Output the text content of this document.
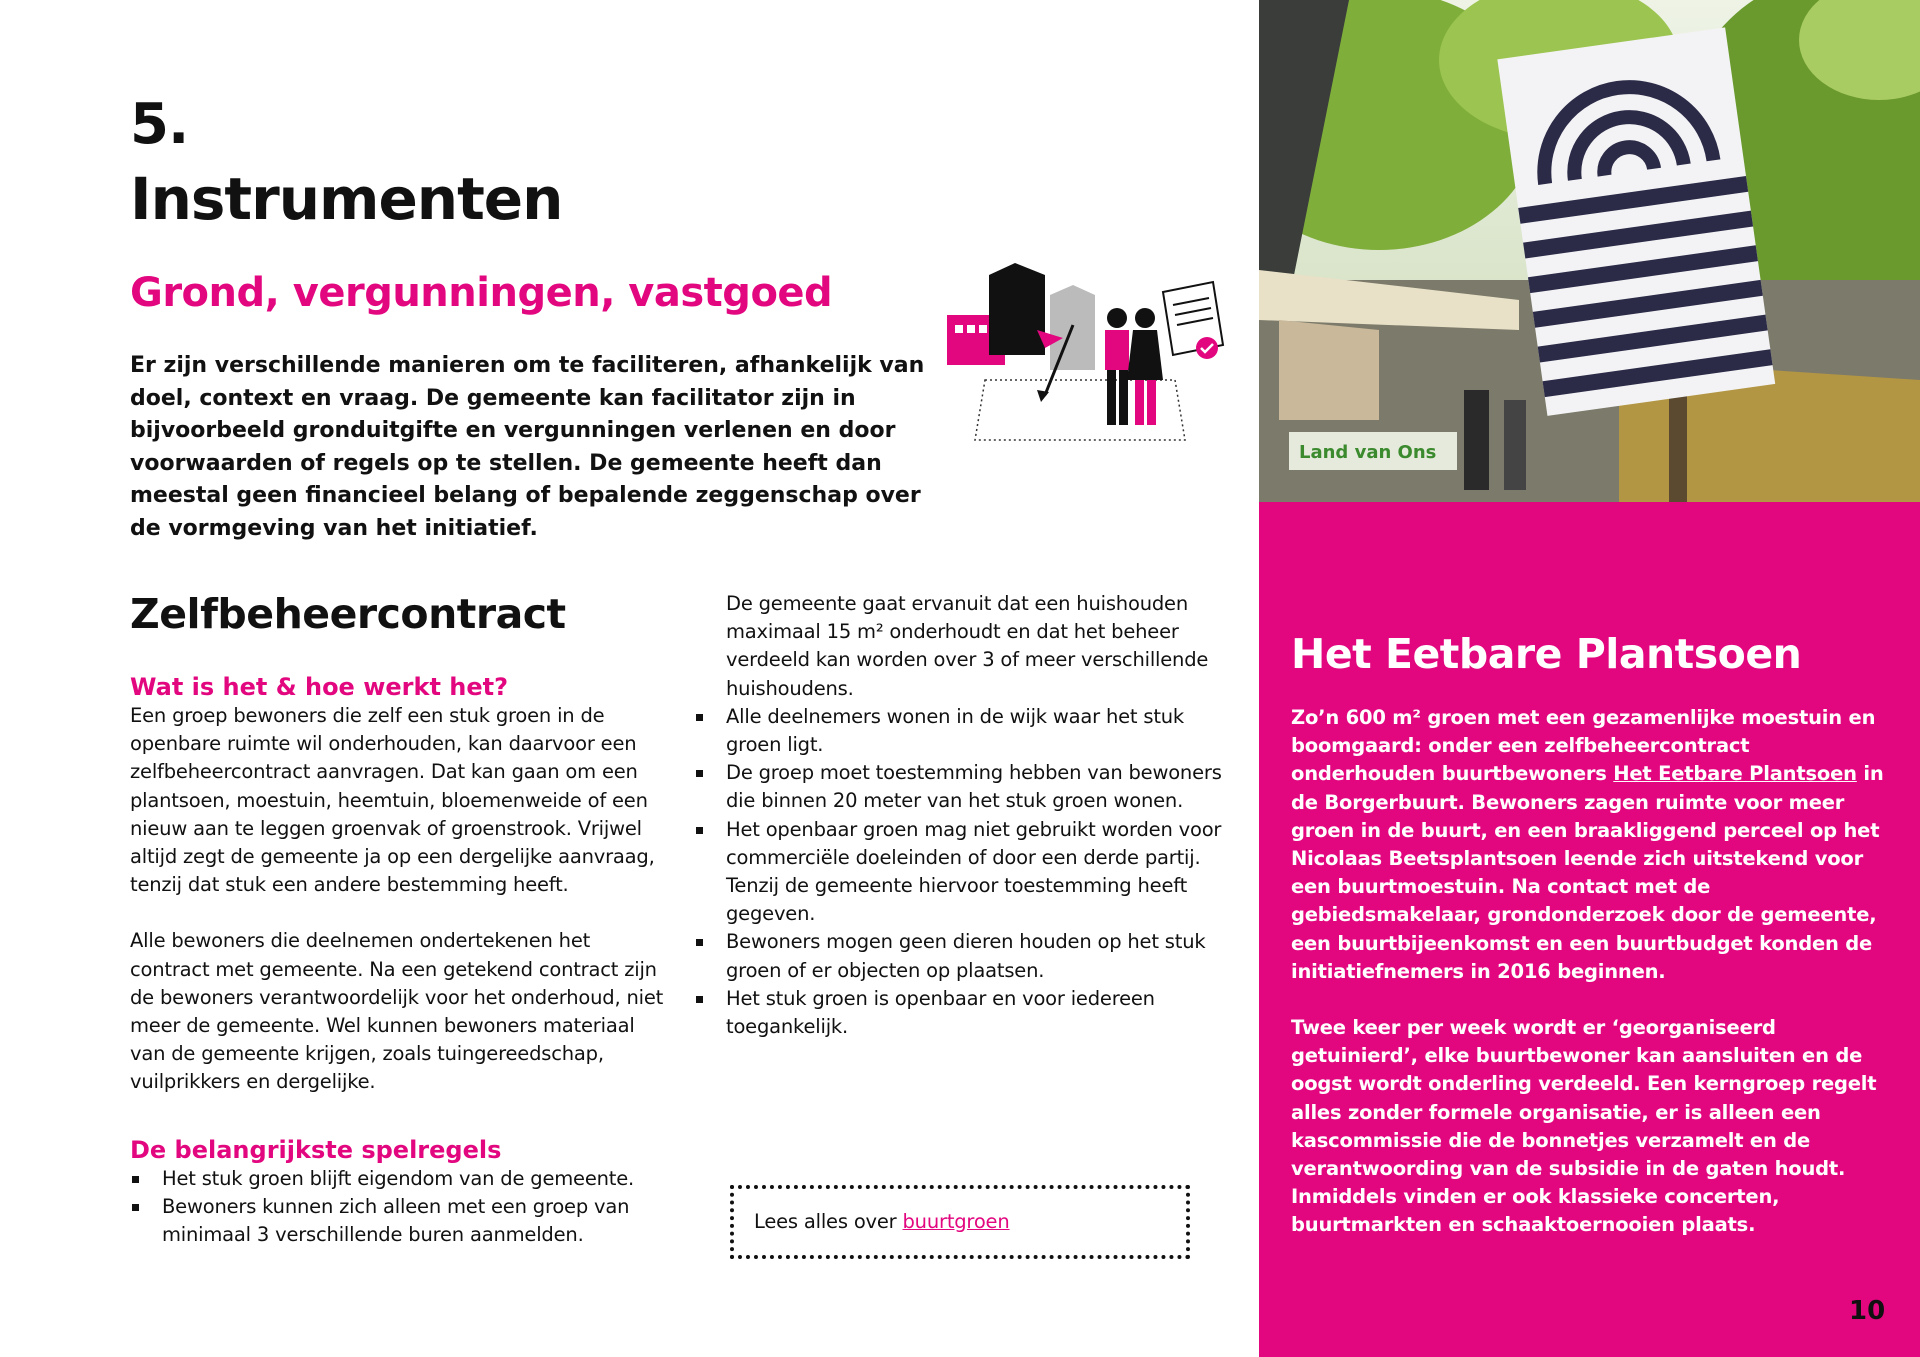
5.
Instrumenten
Grond, vergunningen, vastgoed
Er zijn verschillende manieren om te faciliteren, afhankelijk van doel, context en vraag. De gemeente kan facilitator zijn in bijvoorbeeld gronduitgifte en vergunningen verlenen en door voorwaarden of regels op te stellen. De gemeente heeft dan meestal geen financieel belang of bepalende zeggenschap over de vormgeving van het initiatief.
Zelfbeheercontract
Wat is het & hoe werkt het?

Een groep bewoners die zelf een stuk groen in de openbare ruimte wil onderhouden, kan daarvoor een zelfbeheercontract aanvragen. Dat kan gaan om een plantsoen, moestuin, heemtuin, bloemenweide of een nieuw aan te leggen groenvak of groenstrook. Vrijwel altijd zegt de gemeente ja op een dergelijke aanvraag, tenzij dat stuk een andere bestemming heeft.

Alle bewoners die deelnemen ondertekenen het contract met gemeente. Na een getekend contract zijn de bewoners verantwoordelijk voor het onderhoud, niet meer de gemeente. Wel kunnen bewoners materiaal van de gemeente krijgen, zoals tuingereedschap, vuilprikkers en dergelijke.

De belangrijkste spelregels
Het stuk groen blijft eigendom van de gemeente.
Bewoners kunnen zich alleen met een groep van minimaal 3 verschillende buren aanmelden.
De gemeente gaat ervanuit dat een huishouden maximaal 15 m² onderhoudt en dat het beheer verdeeld kan worden over 3 of meer verschillende huishoudens.
Alle deelnemers wonen in de wijk waar het stuk groen ligt.
De groep moet toestemming hebben van bewoners die binnen 20 meter van het stuk groen wonen.
Het openbaar groen mag niet gebruikt worden voor commerciële doeleinden of door een derde partij. Tenzij de gemeente hiervoor toestemming heeft gegeven.
Bewoners mogen geen dieren houden op het stuk groen of er objecten op plaatsen.
Het stuk groen is openbaar en voor iedereen toegankelijk.
Lees alles over buurtgroen
Land van Ons
Het Eetbare Plantsoen

Zo’n 600 m² groen met een gezamenlijke moestuin en boomgaard: onder een zelfbeheercontract onderhouden buurtbewoners Het Eetbare Plantsoen in de Borgerbuurt. Bewoners zagen ruimte voor meer groen in de buurt, en een braakliggend perceel op het Nicolaas Beetsplantsoen leende zich uitstekend voor een buurtmoestuin. Na contact met de gebiedsmakelaar, grondonderzoek door de gemeente, een buurtbijeenkomst en een buurtbudget konden de initiatiefnemers in 2016 beginnen.

Twee keer per week wordt er ‘georganiseerd getuinierd’, elke buurtbewoner kan aansluiten en de oogst wordt onderling verdeeld. Een kerngroep regelt alles zonder formele organisatie, er is alleen een kascommissie die de bonnetjes verzamelt en de verantwoording van de subsidie in de gaten houdt. Inmiddels vinden er ook klassieke concerten, buurtmarkten en schaaktoernooien plaats.

10
